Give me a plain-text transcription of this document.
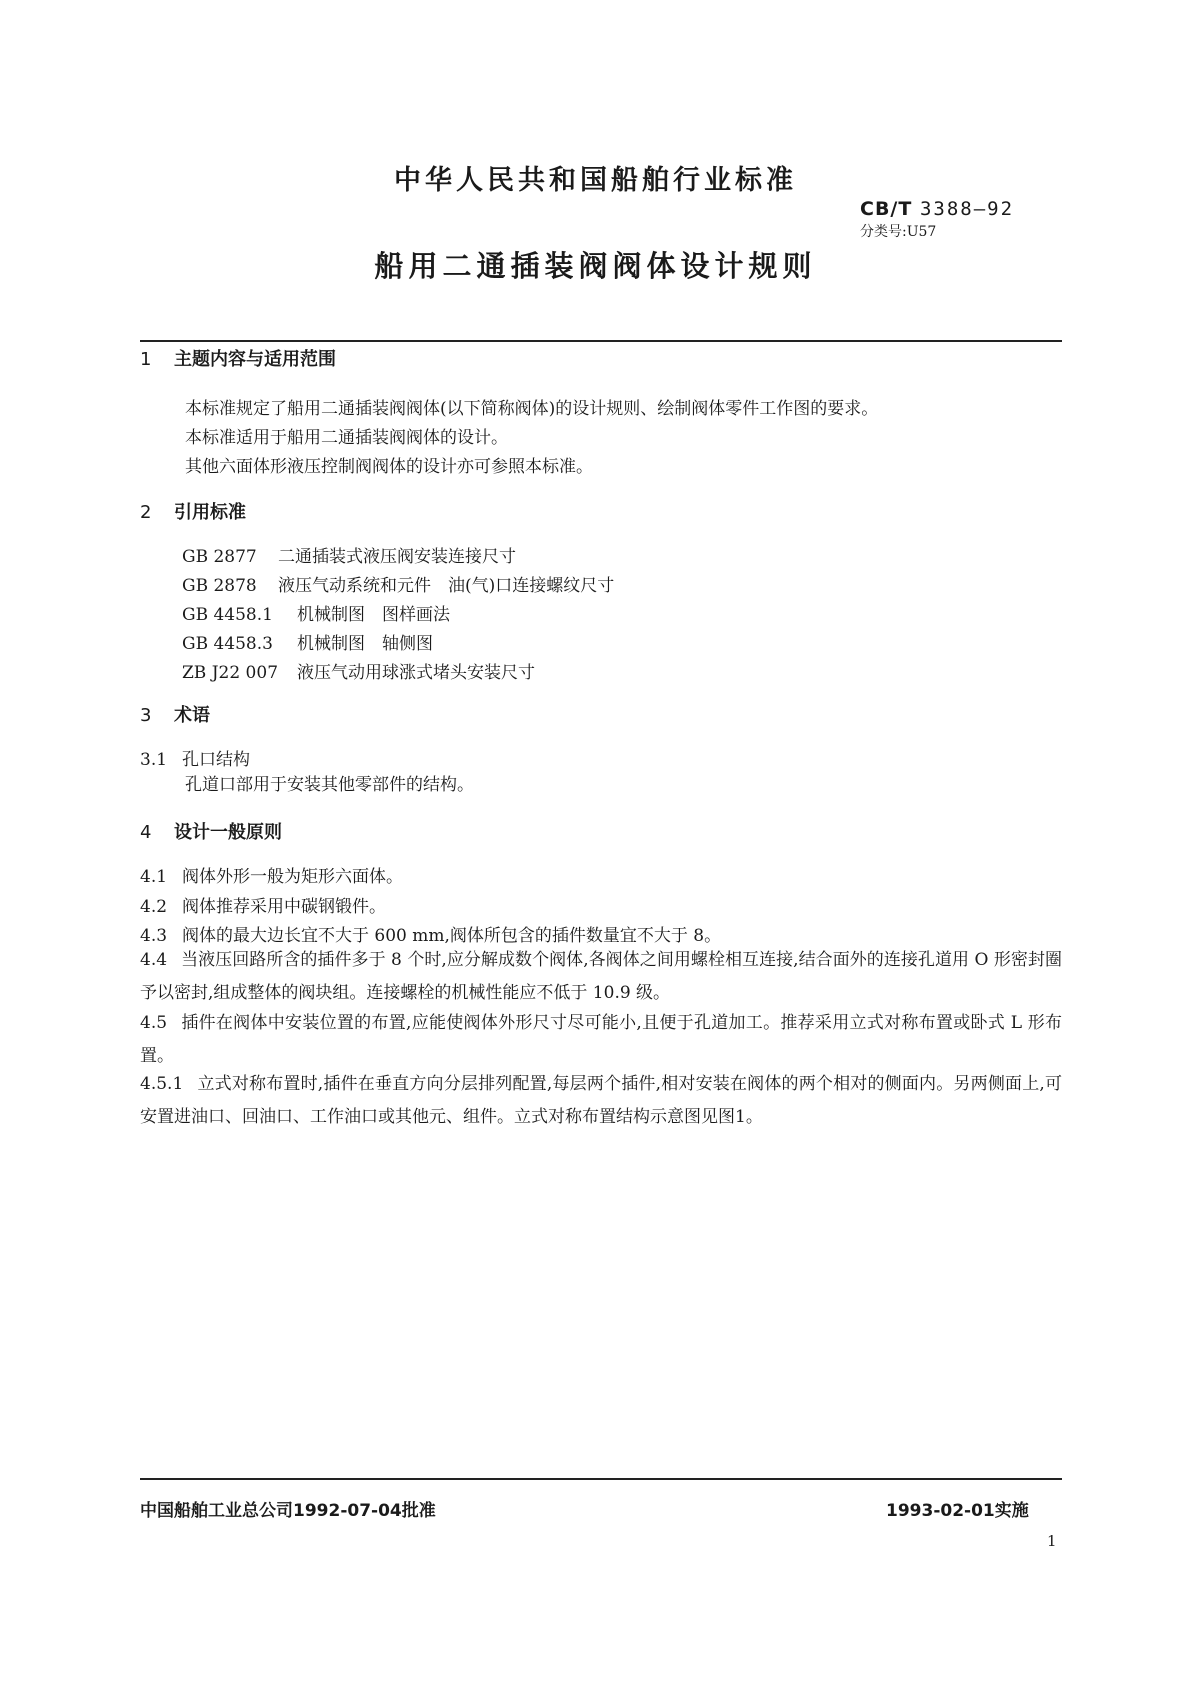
中华人民共和国船舶行业标准
CB/T 3388—92
分类号:U57
船用二通插装阀阀体设计规则
1 主题内容与适用范围
本标准规定了船用二通插装阀阀体(以下简称阀体)的设计规则、绘制阀体零件工作图的要求。
本标准适用于船用二通插装阀阀体的设计。
其他六面体形液压控制阀阀体的设计亦可参照本标准。
2 引用标准
GB 2877 二通插装式液压阀安装连接尺寸
GB 2878 液压气动系统和元件　油(气)口连接螺纹尺寸
GB 4458.1 机械制图　图样画法
GB 4458.3 机械制图　轴侧图
ZB J22 007 液压气动用球涨式堵头安装尺寸
3 术语
3.1 孔口结构
孔道口部用于安装其他零部件的结构。
4 设计一般原则
4.1 阀体外形一般为矩形六面体。
4.2 阀体推荐采用中碳钢锻件。
4.3 阀体的最大边长宜不大于 600 mm,阀体所包含的插件数量宜不大于 8。
4.4 当液压回路所含的插件多于 8 个时,应分解成数个阀体,各阀体之间用螺栓相互连接,结合面外的连接孔道用 O 形密封圈予以密封,组成整体的阀块组。连接螺栓的机械性能应不低于 10.9 级。
4.5 插件在阀体中安装位置的布置,应能使阀体外形尺寸尽可能小,且便于孔道加工。推荐采用立式对称布置或卧式 L 形布置。
4.5.1 立式对称布置时,插件在垂直方向分层排列配置,每层两个插件,相对安装在阀体的两个相对的侧面内。另两侧面上,可安置进油口、回油口、工作油口或其他元、组件。立式对称布置结构示意图见图1。
中国船舶工业总公司1992-07-04批准	1993-02-01实施
1
